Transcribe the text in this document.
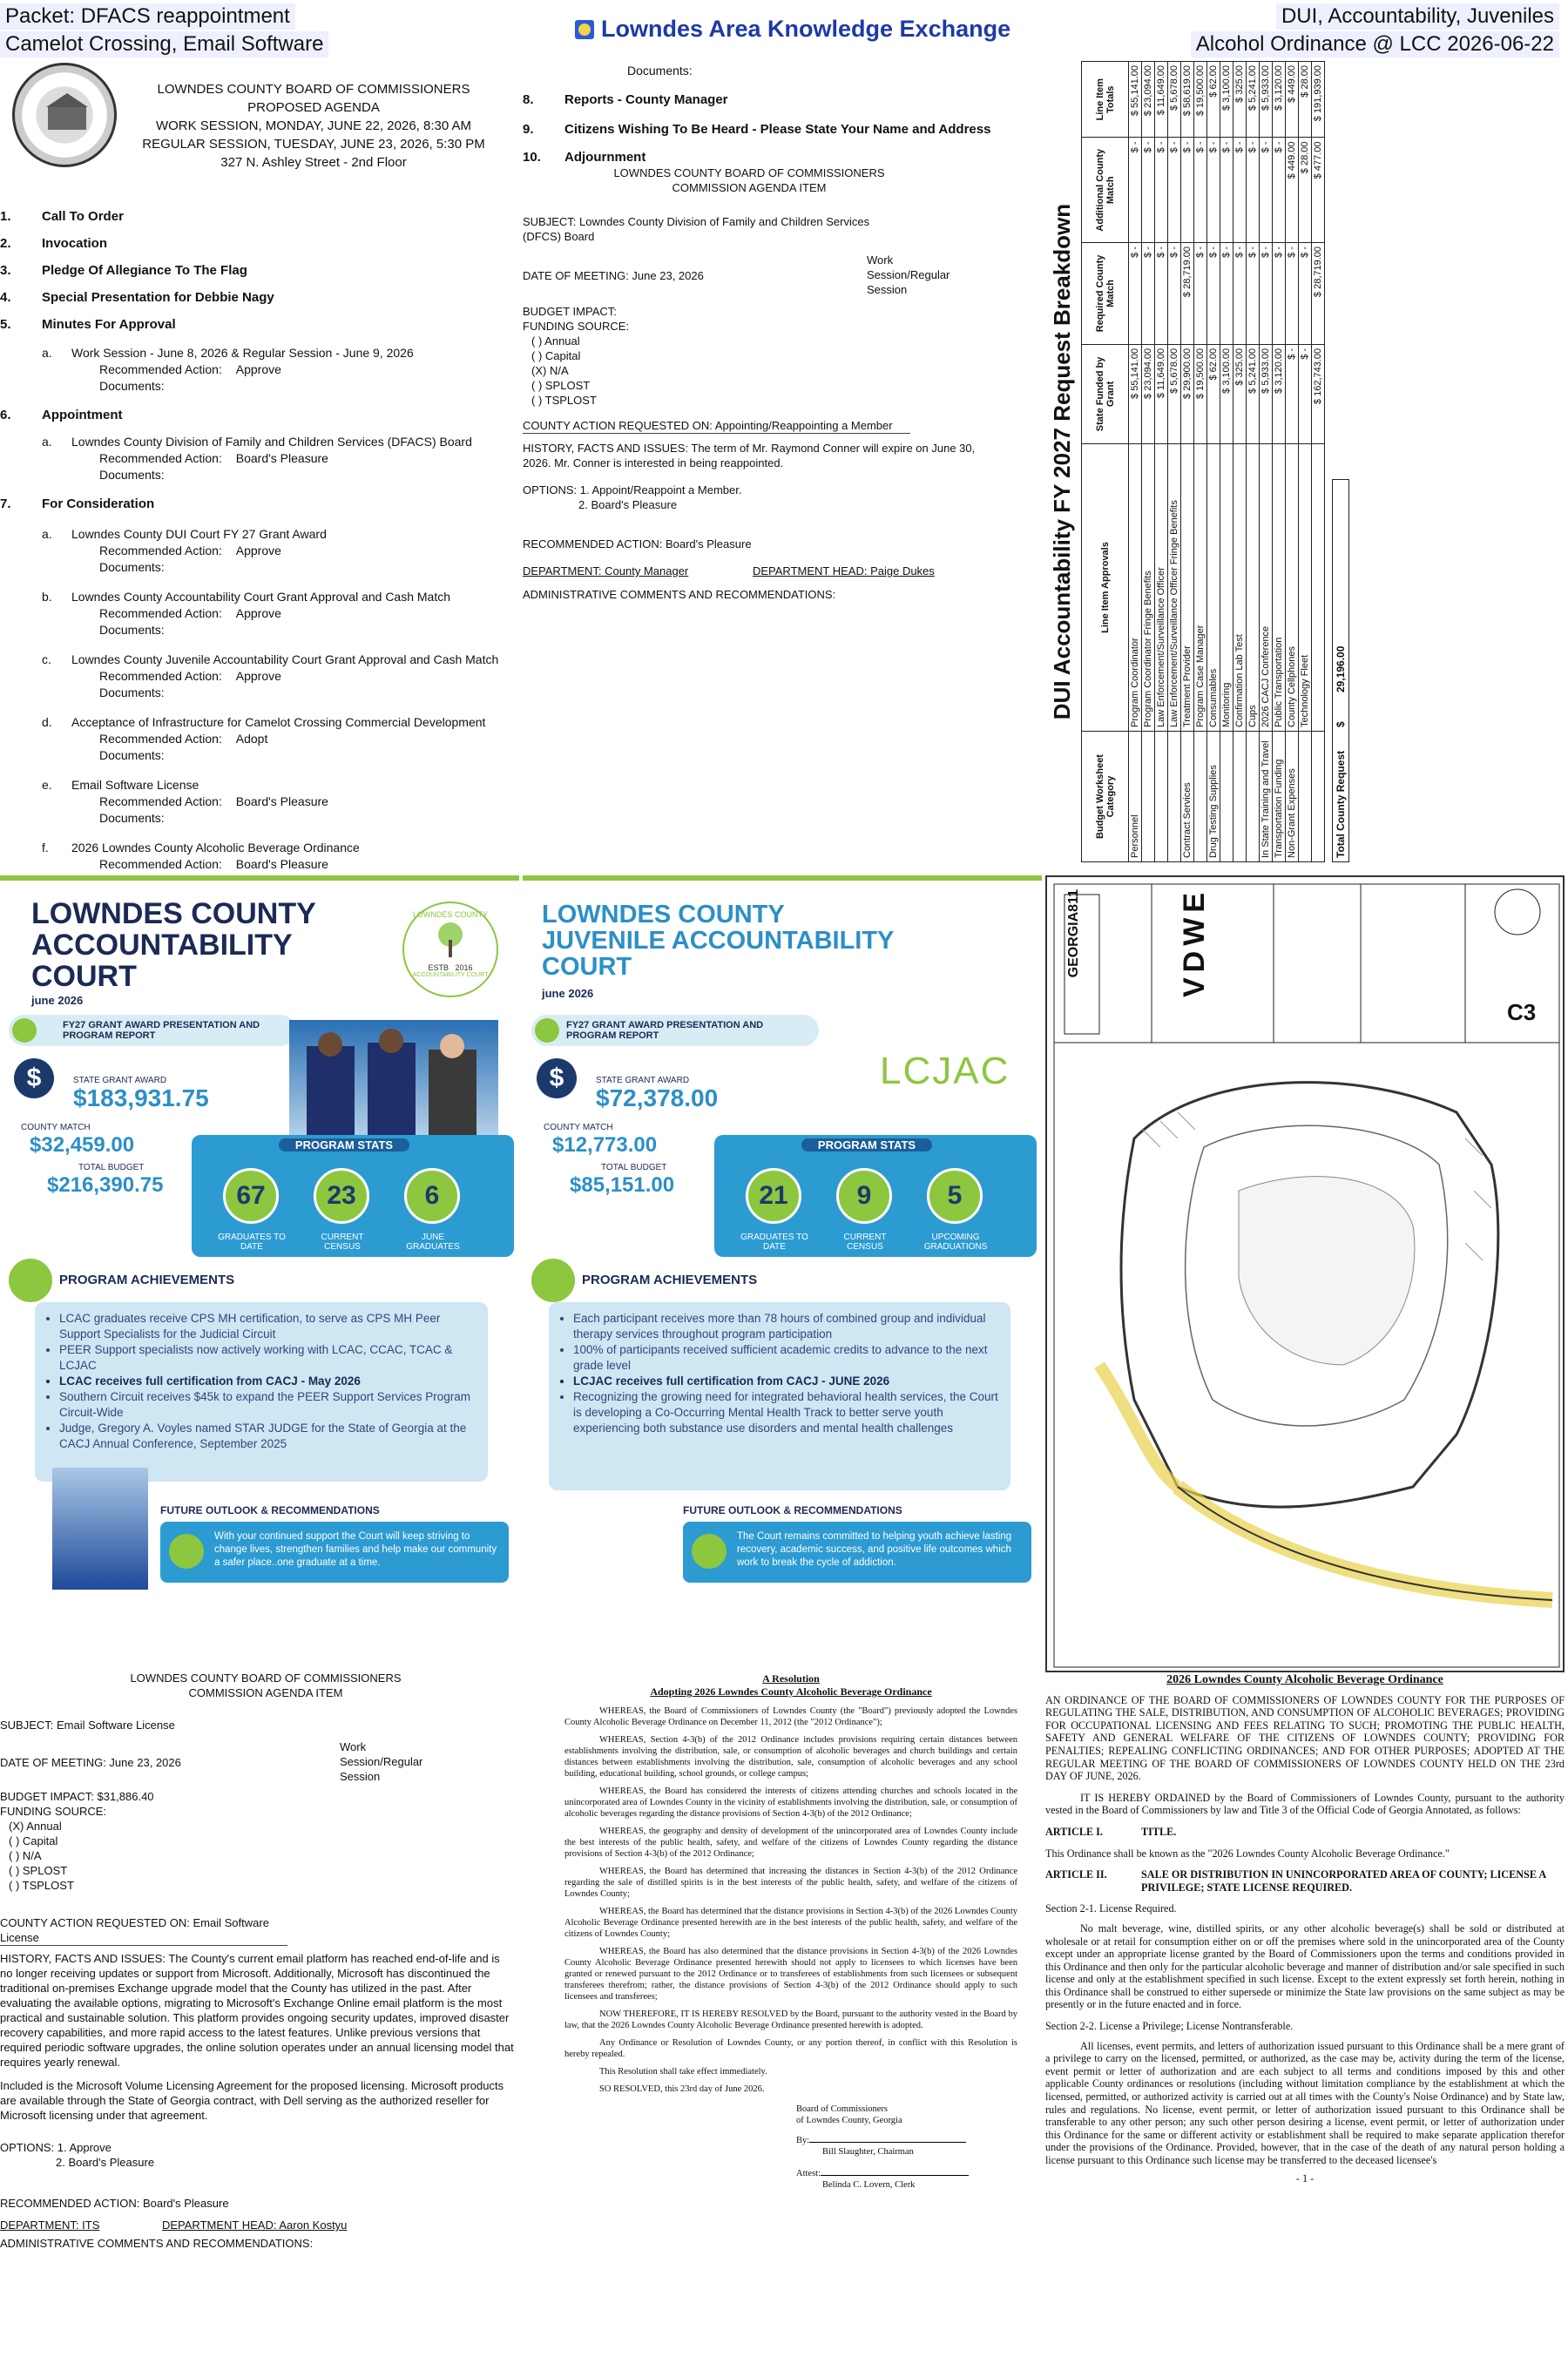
Packet: DFACS reappointment
Camelot Crossing, Email Software
Lowndes Area Knowledge Exchange	DUI, Accountability, Juveniles
Alcohol Ordinance @ LCC 2026-06-22
LOWNDES COUNTY BOARD OF COMMISSIONERS
PROPOSED AGENDA
WORK SESSION, MONDAY, JUNE 22, 2026, 8:30 AM
REGULAR SESSION, TUESDAY, JUNE 23, 2026, 5:30 PM
327 N. Ashley Street - 2nd Floor
1. Call To Order
2. Invocation
3. Pledge Of Allegiance To The Flag
4. Special Presentation for Debbie Nagy
5. Minutes For Approval
a. Work Session - June 8, 2026 & Regular Session - June 9, 2026
Recommended Action: Approve
Documents:
6. Appointment
a. Lowndes County Division of Family and Children Services (DFACS) Board
Recommended Action: Board's Pleasure
Documents:
7. For Consideration
a. Lowndes County DUI Court FY 27 Grant Award
Recommended Action: Approve
Documents:
b. Lowndes County Accountability Court Grant Approval and Cash Match
Recommended Action: Approve
Documents:
c. Lowndes County Juvenile Accountability Court Grant Approval and Cash Match
Recommended Action: Approve
Documents:
d. Acceptance of Infrastructure for Camelot Crossing Commercial Development
Recommended Action: Adopt
Documents:
e. Email Software License
Recommended Action: Board's Pleasure
Documents:
f. 2026 Lowndes County Alcoholic Beverage Ordinance
Recommended Action: Board's Pleasure
Documents:
8. Reports - County Manager
9. Citizens Wishing To Be Heard - Please State Your Name and Address
10. Adjournment
LOWNDES COUNTY BOARD OF COMMISSIONERS
COMMISSION AGENDA ITEM
SUBJECT: Lowndes County Division of Family and Children Services (DFCS) Board
DATE OF MEETING: June 23, 2026
Work Session/Regular Session
BUDGET IMPACT:
FUNDING SOURCE:
( ) Annual
( ) Capital
(X) N/A
( ) SPLOST
( ) TSPLOST
COUNTY ACTION REQUESTED ON: Appointing/Reappointing a Member
HISTORY, FACTS AND ISSUES: The term of Mr. Raymond Conner will expire on June 30, 2026. Mr. Conner is interested in being reappointed.
OPTIONS: 1. Appoint/Reappoint a Member.
2. Board's Pleasure
RECOMMENDED ACTION: Board's Pleasure
DEPARTMENT: County Manager	DEPARTMENT HEAD: Paige Dukes
ADMINISTRATIVE COMMENTS AND RECOMMENDATIONS:	DUI Accountability FY 2027 Request Breakdown
Budget Worksheet Category	Line Item Approvals	State Funded by Grant	Required County Match	Additional County Match	Line Item Totals
Personnel	Program Coordinator	$ 55,141.00	$ -	$ -	$ 55,141.00
	Program Coordinator Fringe Benefits	$ 23,094.00	$ -	$ -	$ 23,094.00
	Law Enforcement/Surveillance Officer	$ 11,649.00	$ -	$ -	$ 11,649.00
	Law Enforcement/Surveillance Officer Fringe Benefits	$ 5,678.00	$ -	$ -	$ 5,678.00
Contract Services	Treatment Provider	$ 29,900.00	$ 28,719.00	$ -	$ 58,619.00
	Program Case Manager	$ 19,500.00	$ -	$ -	$ 19,500.00
Drug Testing Supplies	Consumables	$ 62.00	$ -	$ -	$ 62.00
	Monitoring	$ 3,100.00	$ -	$ -	$ 3,100.00
	Confirmation Lab Test	$ 325.00	$ -	$ -	$ 325.00
	Cups	$ 5,241.00	$ -	$ -	$ 5,241.00
In State Training and Travel	2026 CACJ Conference	$ 5,933.00	$ -	$ -	$ 5,933.00
Transportation Funding	Public Transportation	$ 3,120.00	$ -	$ -	$ 3,120.00
Non-Grant Expenses	County Cellphones	$ -	$ -	$ 449.00	$ 449.00
	Technology Fleet	$ -	$ -	$ 28.00	$ 28.00
		$ 162,743.00	$ 28,719.00	$ 477.00	$ 191,939.00
Total County Request
$
29,196.00
LOWNDES COUNTY
ACCOUNTABILITY
COURT
june 2026
LOWNDES COUNTY
ESTB 2016
ACCOUNTABILITY COURT
FY27 GRANT AWARD PRESENTATION AND PROGRAM REPORT
$	STATE GRANT AWARD
$183,931.75
COUNTY MATCH
$32,459.00
TOTAL BUDGET
$216,390.75
PROGRAM STATS
67	23	6
GRADUATES TO DATE
CURRENT CENSUS
JUNE GRADUATES
PROGRAM ACHIEVEMENTS
• LCAC graduates receive CPS MH certification, to serve as CPS MH Peer Support Specialists for the Judicial Circuit
• PEER Support specialists now actively working with LCAC, CCAC, TCAC & LCJAC
• LCAC receives full certification from CACJ - May 2026
• Southern Circuit receives $45k to expand the PEER Support Services Program Circuit-Wide
• Judge, Gregory A. Voyles named STAR JUDGE for the State of Georgia at the CACJ Annual Conference, September 2025
FUTURE OUTLOOK & RECOMMENDATIONS
With your continued support the Court will keep striving to change lives, strengthen families and help make our community a safer place..one graduate at a time.
LOWNDES COUNTY
JUVENILE ACCOUNTABILITY
COURT
june 2026
FY27 GRANT AWARD PRESENTATION AND PROGRAM REPORT
LCJAC
$	STATE GRANT AWARD
$72,378.00
COUNTY MATCH
$12,773.00
TOTAL BUDGET
$85,151.00
PROGRAM STATS
21	9	5
GRADUATES TO DATE
CURRENT CENSUS
UPCOMING GRADUATIONS
PROGRAM ACHIEVEMENTS
• Each participant receives more than 78 hours of combined group and individual therapy services throughout program participation
• 100% of participants received sufficient academic credits to advance to the next grade level
• LCJAC receives full certification from CACJ - JUNE 2026
• Recognizing the growing need for integrated behavioral health services, the Court is developing a Co-Occurring Mental Health Track to better serve youth experiencing both substance use disorders and mental health challenges
FUTURE OUTLOOK & RECOMMENDATIONS
The Court remains committed to helping youth achieve lasting recovery, academic success, and positive life outcomes which work to break the cycle of addiction.
GEORGIA811	VDWE
C3
LOWNDES COUNTY BOARD OF COMMISSIONERS
COMMISSION AGENDA ITEM
SUBJECT: Email Software License
DATE OF MEETING: June 23, 2026
Work Session/Regular Session
BUDGET IMPACT: $31,886.40
FUNDING SOURCE:
(X) Annual
( ) Capital
( ) N/A
( ) SPLOST
( ) TSPLOST
COUNTY ACTION REQUESTED ON: Email Software License
HISTORY, FACTS AND ISSUES: The County's current email platform has reached end-of-life and is no longer receiving updates or support from Microsoft. Additionally, Microsoft has discontinued the traditional on-premises Exchange upgrade model that the County has utilized in the past. After evaluating the available options, migrating to Microsoft's Exchange Online email platform is the most practical and sustainable solution. This platform provides ongoing security updates, improved disaster recovery capabilities, and more rapid access to the latest features. Unlike previous versions that required periodic software upgrades, the online solution operates under an annual licensing model that requires yearly renewal.
Included is the Microsoft Volume Licensing Agreement for the proposed licensing. Microsoft products are available through the State of Georgia contract, with Dell serving as the authorized reseller for Microsoft licensing under that agreement.
OPTIONS: 1. Approve
2. Board's Pleasure
RECOMMENDED ACTION: Board's Pleasure
DEPARTMENT: ITS	DEPARTMENT HEAD: Aaron Kostyu
ADMINISTRATIVE COMMENTS AND RECOMMENDATIONS:
A Resolution
Adopting 2026 Lowndes County Alcoholic Beverage Ordinance

WHEREAS, the Board of Commissioners of Lowndes County (the "Board") previously adopted the Lowndes County Alcoholic Beverage Ordinance on December 11, 2012 (the "2012 Ordinance");

WHEREAS, Section 4-3(b) of the 2012 Ordinance includes provisions requiring certain distances between establishments involving the distribution, sale, or consumption of alcoholic beverages and church buildings and certain distances between establishments involving the distribution, sale, consumption of alcoholic beverages and any school building, educational building, school grounds, or college campus;

WHEREAS, the Board has considered the interests of citizens attending churches and schools located in the unincorporated area of Lowndes County in the vicinity of establishments involving the distribution, sale, or consumption of alcoholic beverages regarding the distance provisions of Section 4-3(b) of the 2012 Ordinance;

WHEREAS, the geography and density of development of the unincorporated area of Lowndes County include the best interests of the public health, safety, and welfare of the citizens of Lowndes County regarding the distance provisions of Section 4-3(b) of the 2012 Ordinance;

WHEREAS, the Board has determined that increasing the distances in Section 4-3(b) of the 2012 Ordinance regarding the sale of distilled spirits is in the best interests of the public health, safety, and welfare of the citizens of Lowndes County;

WHEREAS, the Board has determined that the distance provisions in Section 4-3(b) of the 2026 Lowndes County Alcoholic Beverage Ordinance presented herewith are in the best interests of the public health, safety, and welfare of the citizens of Lowndes County;

WHEREAS, the Board has also determined that the distance provisions in Section 4-3(b) of the 2026 Lowndes County Alcoholic Beverage Ordinance presented herewith should not apply to licensees to which licenses have been granted or renewed pursuant to the 2012 Ordinance or to transferees of establishments from such licensees or subsequent transferees therefrom; rather, the distance provisions of Section 4-3(b) of the 2012 Ordinance should apply to such licensees and transferees;

NOW THEREFORE, IT IS HEREBY RESOLVED by the Board, pursuant to the authority vested in the Board by law, that the 2026 Lowndes County Alcoholic Beverage Ordinance presented herewith is adopted.

Any Ordinance or Resolution of Lowndes County, or any portion thereof, in conflict with this Resolution is hereby repealed.

This Resolution shall take effect immediately.

SO RESOLVED, this 23rd day of June 2026.

Board of Commissioners
of Lowndes County, Georgia
By:
Bill Slaughter, Chairman
Attest:
Belinda C. Lovern, Clerk
2026 Lowndes County Alcoholic Beverage Ordinance
AN ORDINANCE OF THE BOARD OF COMMISSIONERS OF LOWNDES COUNTY FOR THE PURPOSES OF REGULATING THE SALE, DISTRIBUTION, AND CONSUMPTION OF ALCOHOLIC BEVERAGES; PROVIDING FOR OCCUPATIONAL LICENSING AND FEES RELATING TO SUCH; PROMOTING THE PUBLIC HEALTH, SAFETY AND GENERAL WELFARE OF THE CITIZENS OF LOWNDES COUNTY; PROVIDING FOR PENALTIES; REPEALING CONFLICTING ORDINANCES; AND FOR OTHER PURPOSES; ADOPTED AT THE REGULAR MEETING OF THE BOARD OF COMMISSIONERS OF LOWNDES COUNTY HELD ON THE 23rd DAY OF JUNE, 2026.
IT IS HEREBY ORDAINED by the Board of Commissioners of Lowndes County, pursuant to the authority vested in the Board of Commissioners by law and Title 3 of the Official Code of Georgia Annotated, as follows:
ARTICLE I.	TITLE.
This Ordinance shall be known as the "2026 Lowndes County Alcoholic Beverage Ordinance."
ARTICLE II.	SALE OR DISTRIBUTION IN UNINCORPORATED AREA OF COUNTY; LICENSE A PRIVILEGE; STATE LICENSE REQUIRED.
Section 2-1. License Required.
No malt beverage, wine, distilled spirits, or any other alcoholic beverage(s) shall be sold or distributed at wholesale or at retail for consumption either on or off the premises where sold in the unincorporated area of the County except under an appropriate license granted by the Board of Commissioners upon the terms and conditions provided in this Ordinance and then only for the particular alcoholic beverage and manner of distribution and/or sale specified in such license and only at the establishment specified in such license. Except to the extent expressly set forth herein, nothing in this Ordinance shall be construed to either supersede or minimize the State law provisions on the same subject as may be presently or in the future enacted and in force.
Section 2-2. License a Privilege; License Nontransferable.
All licenses, event permits, and letters of authorization issued pursuant to this Ordinance shall be a mere grant of a privilege to carry on the licensed, permitted, or authorized, as the case may be, activity during the term of the license, event permit or letter of authorization and are each subject to all terms and conditions imposed by this and other applicable County ordinances or resolutions (including without limitation compliance by the establishment at which the licensed, permitted, or authorized activity is carried out at all times with the County's Noise Ordinance) and by State law, rules and regulations. No license, event permit, or letter of authorization issued pursuant to this Ordinance shall be transferable to any other person; any such other person desiring a license, event permit, or letter of authorization under this Ordinance for the same or different activity or establishment shall be required to make separate application therefor under the provisions of the Ordinance. Provided, however, that in the case of the death of any natural person holding a license pursuant to this Ordinance such license may be transferred to the deceased licensee's
- 1 -
